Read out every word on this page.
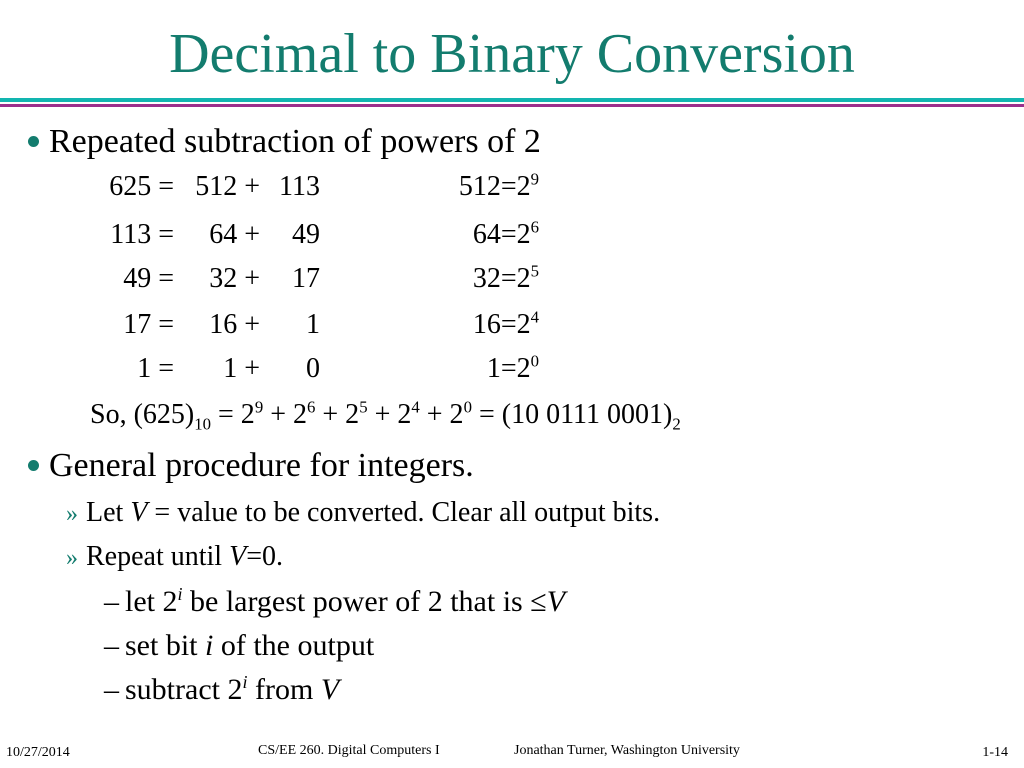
Decimal to Binary Conversion
Repeated subtraction of powers of 2
625 = 512 + 113	$512=2^9$
113 = 64 + 49	$64=2^6$
49 = 32 + 17	$32=2^5$
17 = 16 + 1	$16=2^4$
1 = 1 + 0	$1=2^0$
So, $(625)_{10} = 2^9 + 2^6 + 2^5 + 2^4 + 2^0 = (10$ 0111 $0001)_2$
General procedure for integers.
» Let V = value to be converted. Clear all output bits.
» Repeat until V=0.
– let 2$^i$ be largest power of 2 that is ≤V
– set bit i of the output
– subtract 2$^i$ from V
10/27/2014	CS/EE 260. Digital Computers I	Jonathan Turner, Washington University	1-14
